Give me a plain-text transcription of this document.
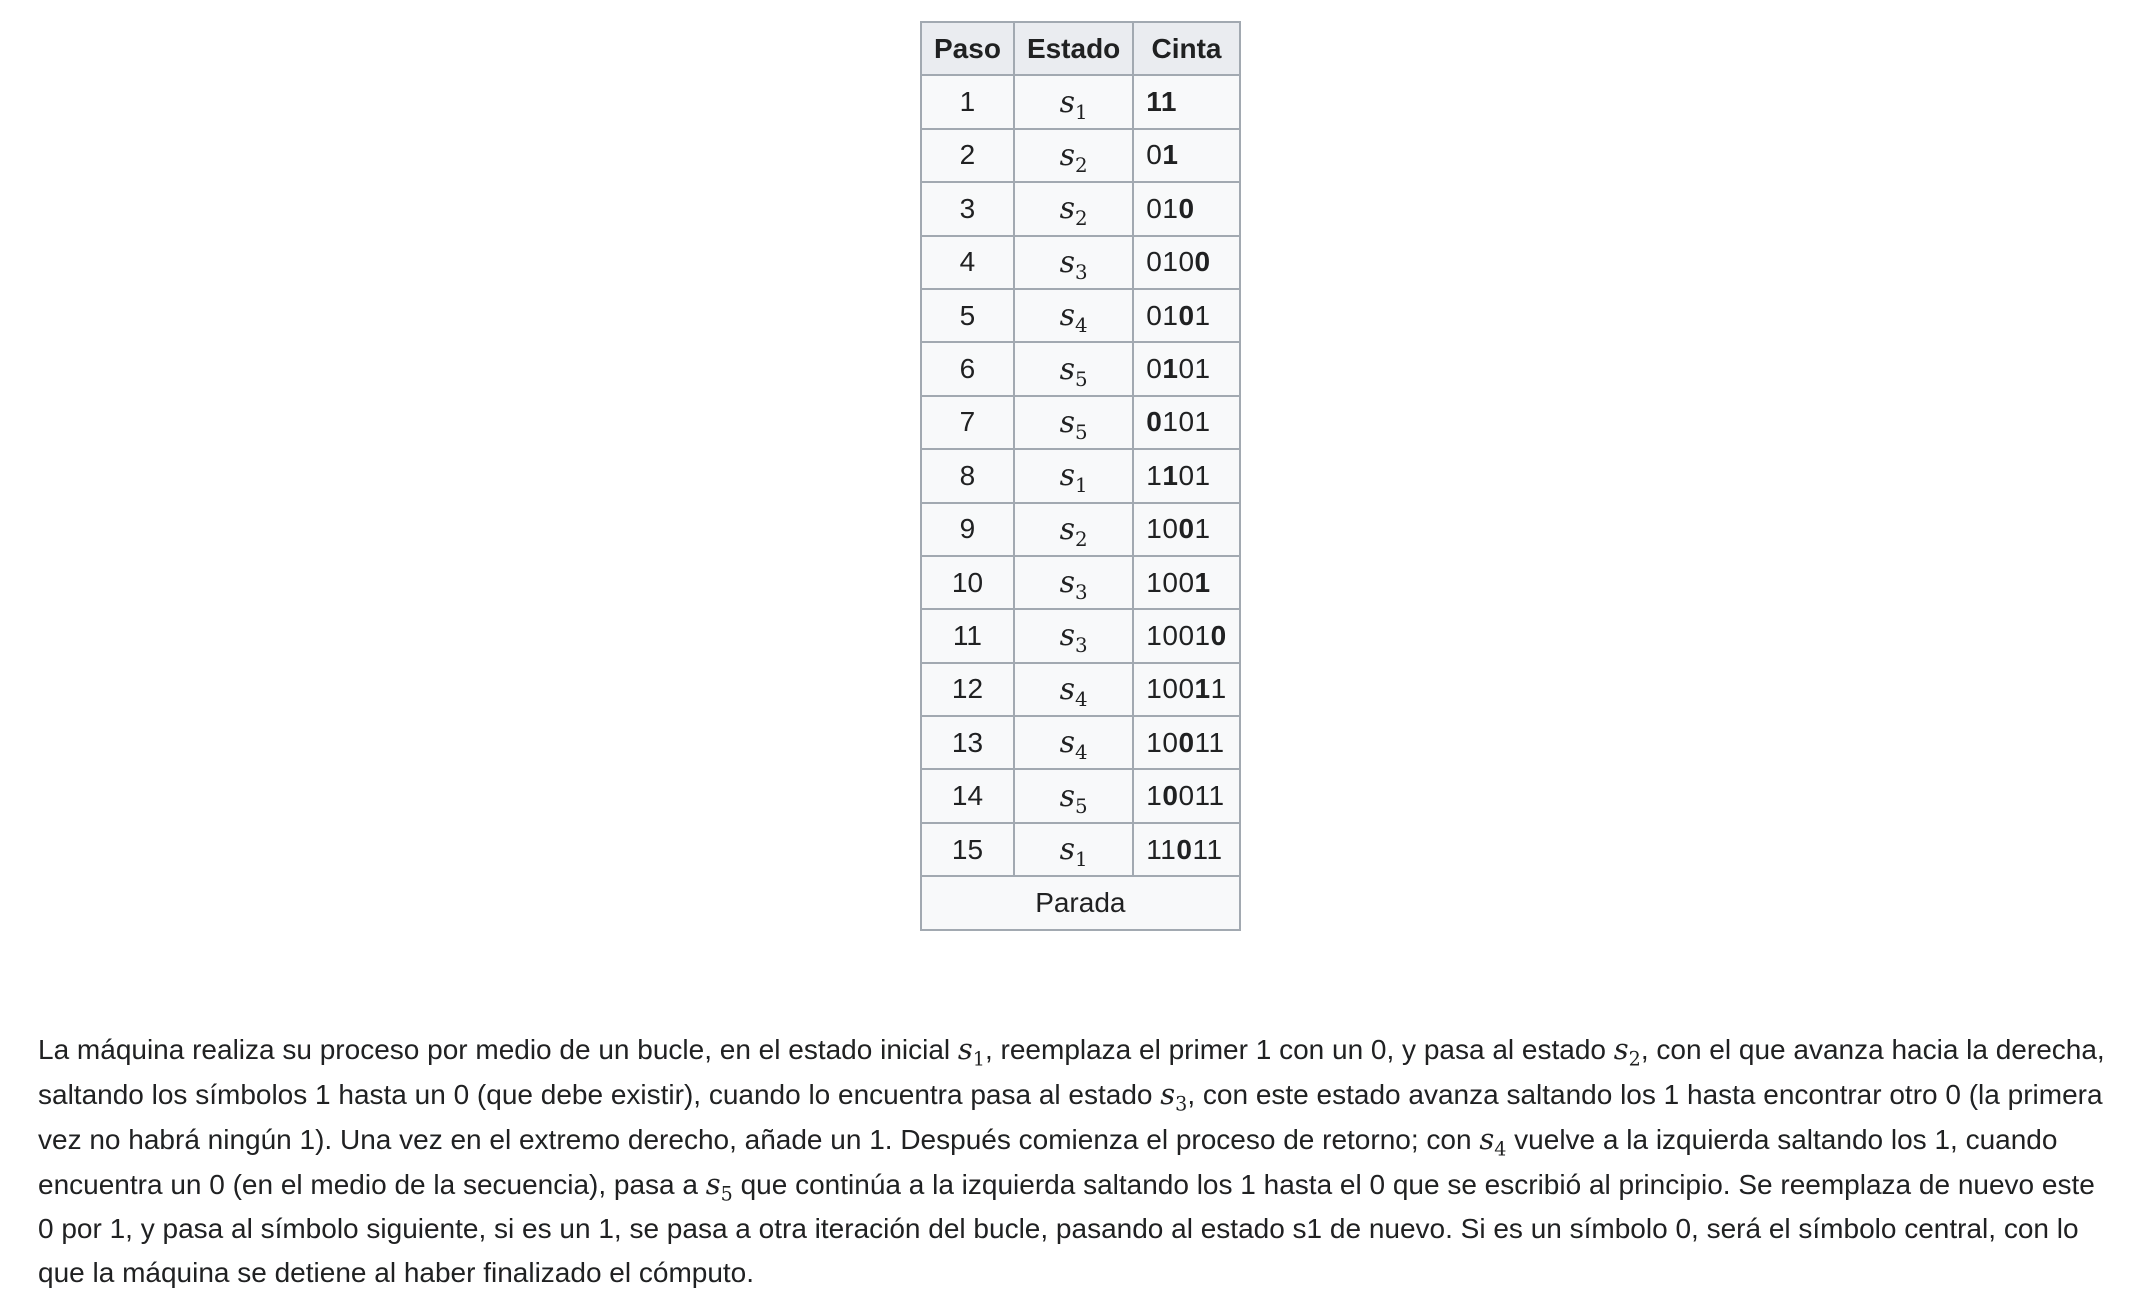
Paso	Estado	Cinta
1	$s_1$	11
2	$s_2$	01
3	$s_2$	010
4	$s_3$	0100
5	$s_4$	0101
6	$s_5$	0101
7	$s_5$	0101
8	$s_1$	1101
9	$s_2$	1001
10	$s_3$	1001
11	$s_3$	10010
12	$s_4$	10011
13	$s_4$	10011
14	$s_5$	10011
15	$s_1$	11011
Parada		

La máquina realiza su proceso por medio de un bucle, en el estado inicial $s_1$, reemplaza el primer 1 con un 0, y pasa al estado $s_2$, con el que avanza hacia la derecha, saltando los símbolos 1 hasta un 0 (que debe existir), cuando lo encuentra pasa al estado $s_3$, con este estado avanza saltando los 1 hasta encontrar otro 0 (la primera vez no habrá ningún 1). Una vez en el extremo derecho, añade un 1. Después comienza el proceso de retorno; con $s_4$ vuelve a la izquierda saltando los 1, cuando encuentra un 0 (en el medio de la secuencia), pasa a $s_5$ que continúa a la izquierda saltando los 1 hasta el 0 que se escribió al principio. Se reemplaza de nuevo este 0 por 1, y pasa al símbolo siguiente, si es un 1, se pasa a otra iteración del bucle, pasando al estado s1 de nuevo. Si es un símbolo 0, será el símbolo central, con lo que la máquina se detiene al haber finalizado el cómputo.
